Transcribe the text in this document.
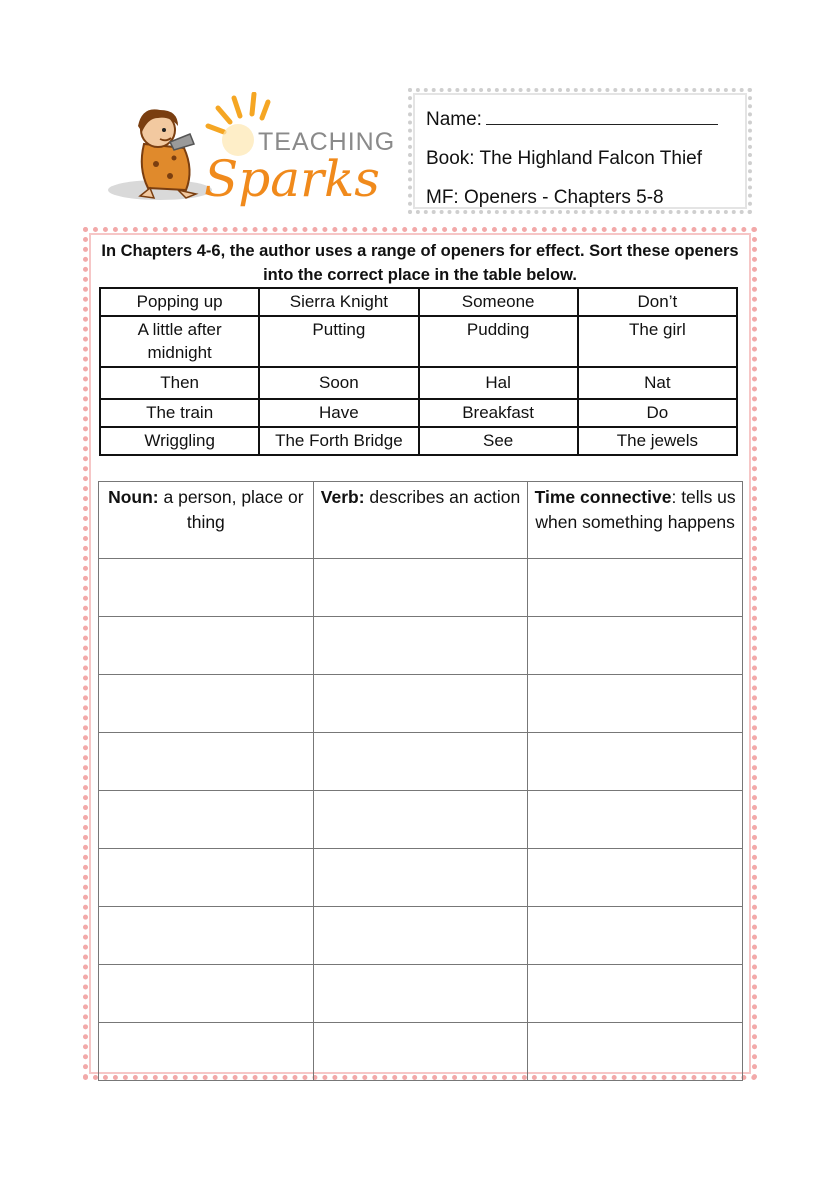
TEACHING
Sparks
Name:
Book: The Highland Falcon Thief
MF: Openers - Chapters 5-8
In Chapters 4-6, the author uses a range of openers for effect. Sort these openers into the correct place in the table below.
Popping up	Sierra Knight	Someone	Don’t
A little after midnight	Putting	Pudding	The girl
Then	Soon	Hal	Nat
The train	Have	Breakfast	Do
Wriggling	The Forth Bridge	See	The jewels
Noun: a person, place or thing	Verb: describes an action	Time connective: tells us when something happens
